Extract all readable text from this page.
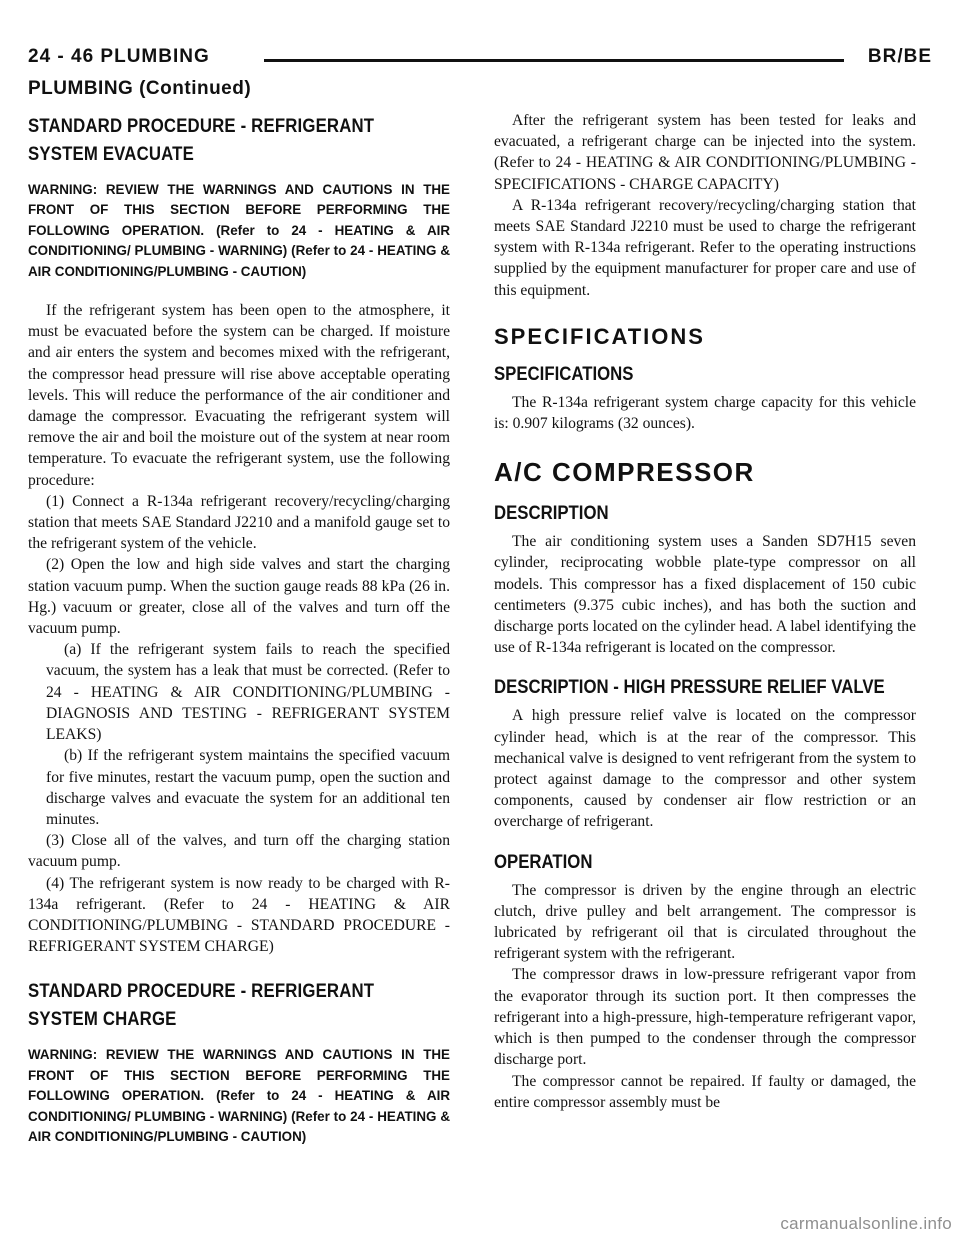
24 - 46 PLUMBING	BR/BE
PLUMBING (Continued)
STANDARD PROCEDURE - REFRIGERANT SYSTEM EVACUATE
WARNING: REVIEW THE WARNINGS AND CAUTIONS IN THE FRONT OF THIS SECTION BEFORE PERFORMING THE FOLLOWING OPERATION. (Refer to 24 - HEATING & AIR CONDITIONING/ PLUMBING - WARNING) (Refer to 24 - HEATING & AIR CONDITIONING/PLUMBING - CAUTION)

If the refrigerant system has been open to the atmosphere, it must be evacuated before the system can be charged. If moisture and air enters the system and becomes mixed with the refrigerant, the compressor head pressure will rise above acceptable operating levels. This will reduce the performance of the air conditioner and damage the compressor. Evacuating the refrigerant system will remove the air and boil the moisture out of the system at near room temperature. To evacuate the refrigerant system, use the following procedure:

(1) Connect a R-134a refrigerant recovery/recycling/charging station that meets SAE Standard J2210 and a manifold gauge set to the refrigerant system of the vehicle.

(2) Open the low and high side valves and start the charging station vacuum pump. When the suction gauge reads 88 kPa (26 in. Hg.) vacuum or greater, close all of the valves and turn off the vacuum pump.

(a) If the refrigerant system fails to reach the specified vacuum, the system has a leak that must be corrected. (Refer to 24 - HEATING & AIR CONDITIONING/PLUMBING - DIAGNOSIS AND TESTING - REFRIGERANT SYSTEM LEAKS)

(b) If the refrigerant system maintains the specified vacuum for five minutes, restart the vacuum pump, open the suction and discharge valves and evacuate the system for an additional ten minutes.

(3) Close all of the valves, and turn off the charging station vacuum pump.

(4) The refrigerant system is now ready to be charged with R-134a refrigerant. (Refer to 24 - HEATING & AIR CONDITIONING/PLUMBING - STANDARD PROCEDURE - REFRIGERANT SYSTEM CHARGE)

STANDARD PROCEDURE - REFRIGERANT SYSTEM CHARGE
WARNING: REVIEW THE WARNINGS AND CAUTIONS IN THE FRONT OF THIS SECTION BEFORE PERFORMING THE FOLLOWING OPERATION. (Refer to 24 - HEATING & AIR CONDITIONING/ PLUMBING - WARNING) (Refer to 24 - HEATING & AIR CONDITIONING/PLUMBING - CAUTION)

After the refrigerant system has been tested for leaks and evacuated, a refrigerant charge can be injected into the system. (Refer to 24 - HEATING & AIR CONDITIONING/PLUMBING - SPECIFICATIONS - CHARGE CAPACITY)

A R-134a refrigerant recovery/recycling/charging station that meets SAE Standard J2210 must be used to charge the refrigerant system with R-134a refrigerant. Refer to the operating instructions supplied by the equipment manufacturer for proper care and use of this equipment.

SPECIFICATIONS
SPECIFICATIONS

The R-134a refrigerant system charge capacity for this vehicle is: 0.907 kilograms (32 ounces).

A/C COMPRESSOR
DESCRIPTION

The air conditioning system uses a Sanden SD7H15 seven cylinder, reciprocating wobble plate-type compressor on all models. This compressor has a fixed displacement of 150 cubic centimeters (9.375 cubic inches), and has both the suction and discharge ports located on the cylinder head. A label identifying the use of R-134a refrigerant is located on the compressor.

DESCRIPTION - HIGH PRESSURE RELIEF VALVE

A high pressure relief valve is located on the compressor cylinder head, which is at the rear of the compressor. This mechanical valve is designed to vent refrigerant from the system to protect against damage to the compressor and other system components, caused by condenser air flow restriction or an overcharge of refrigerant.

OPERATION

The compressor is driven by the engine through an electric clutch, drive pulley and belt arrangement. The compressor is lubricated by refrigerant oil that is circulated throughout the refrigerant system with the refrigerant.

The compressor draws in low-pressure refrigerant vapor from the evaporator through its suction port. It then compresses the refrigerant into a high-pressure, high-temperature refrigerant vapor, which is then pumped to the condenser through the compressor discharge port.

The compressor cannot be repaired. If faulty or damaged, the entire compressor assembly must be

carmanualsonline.info
